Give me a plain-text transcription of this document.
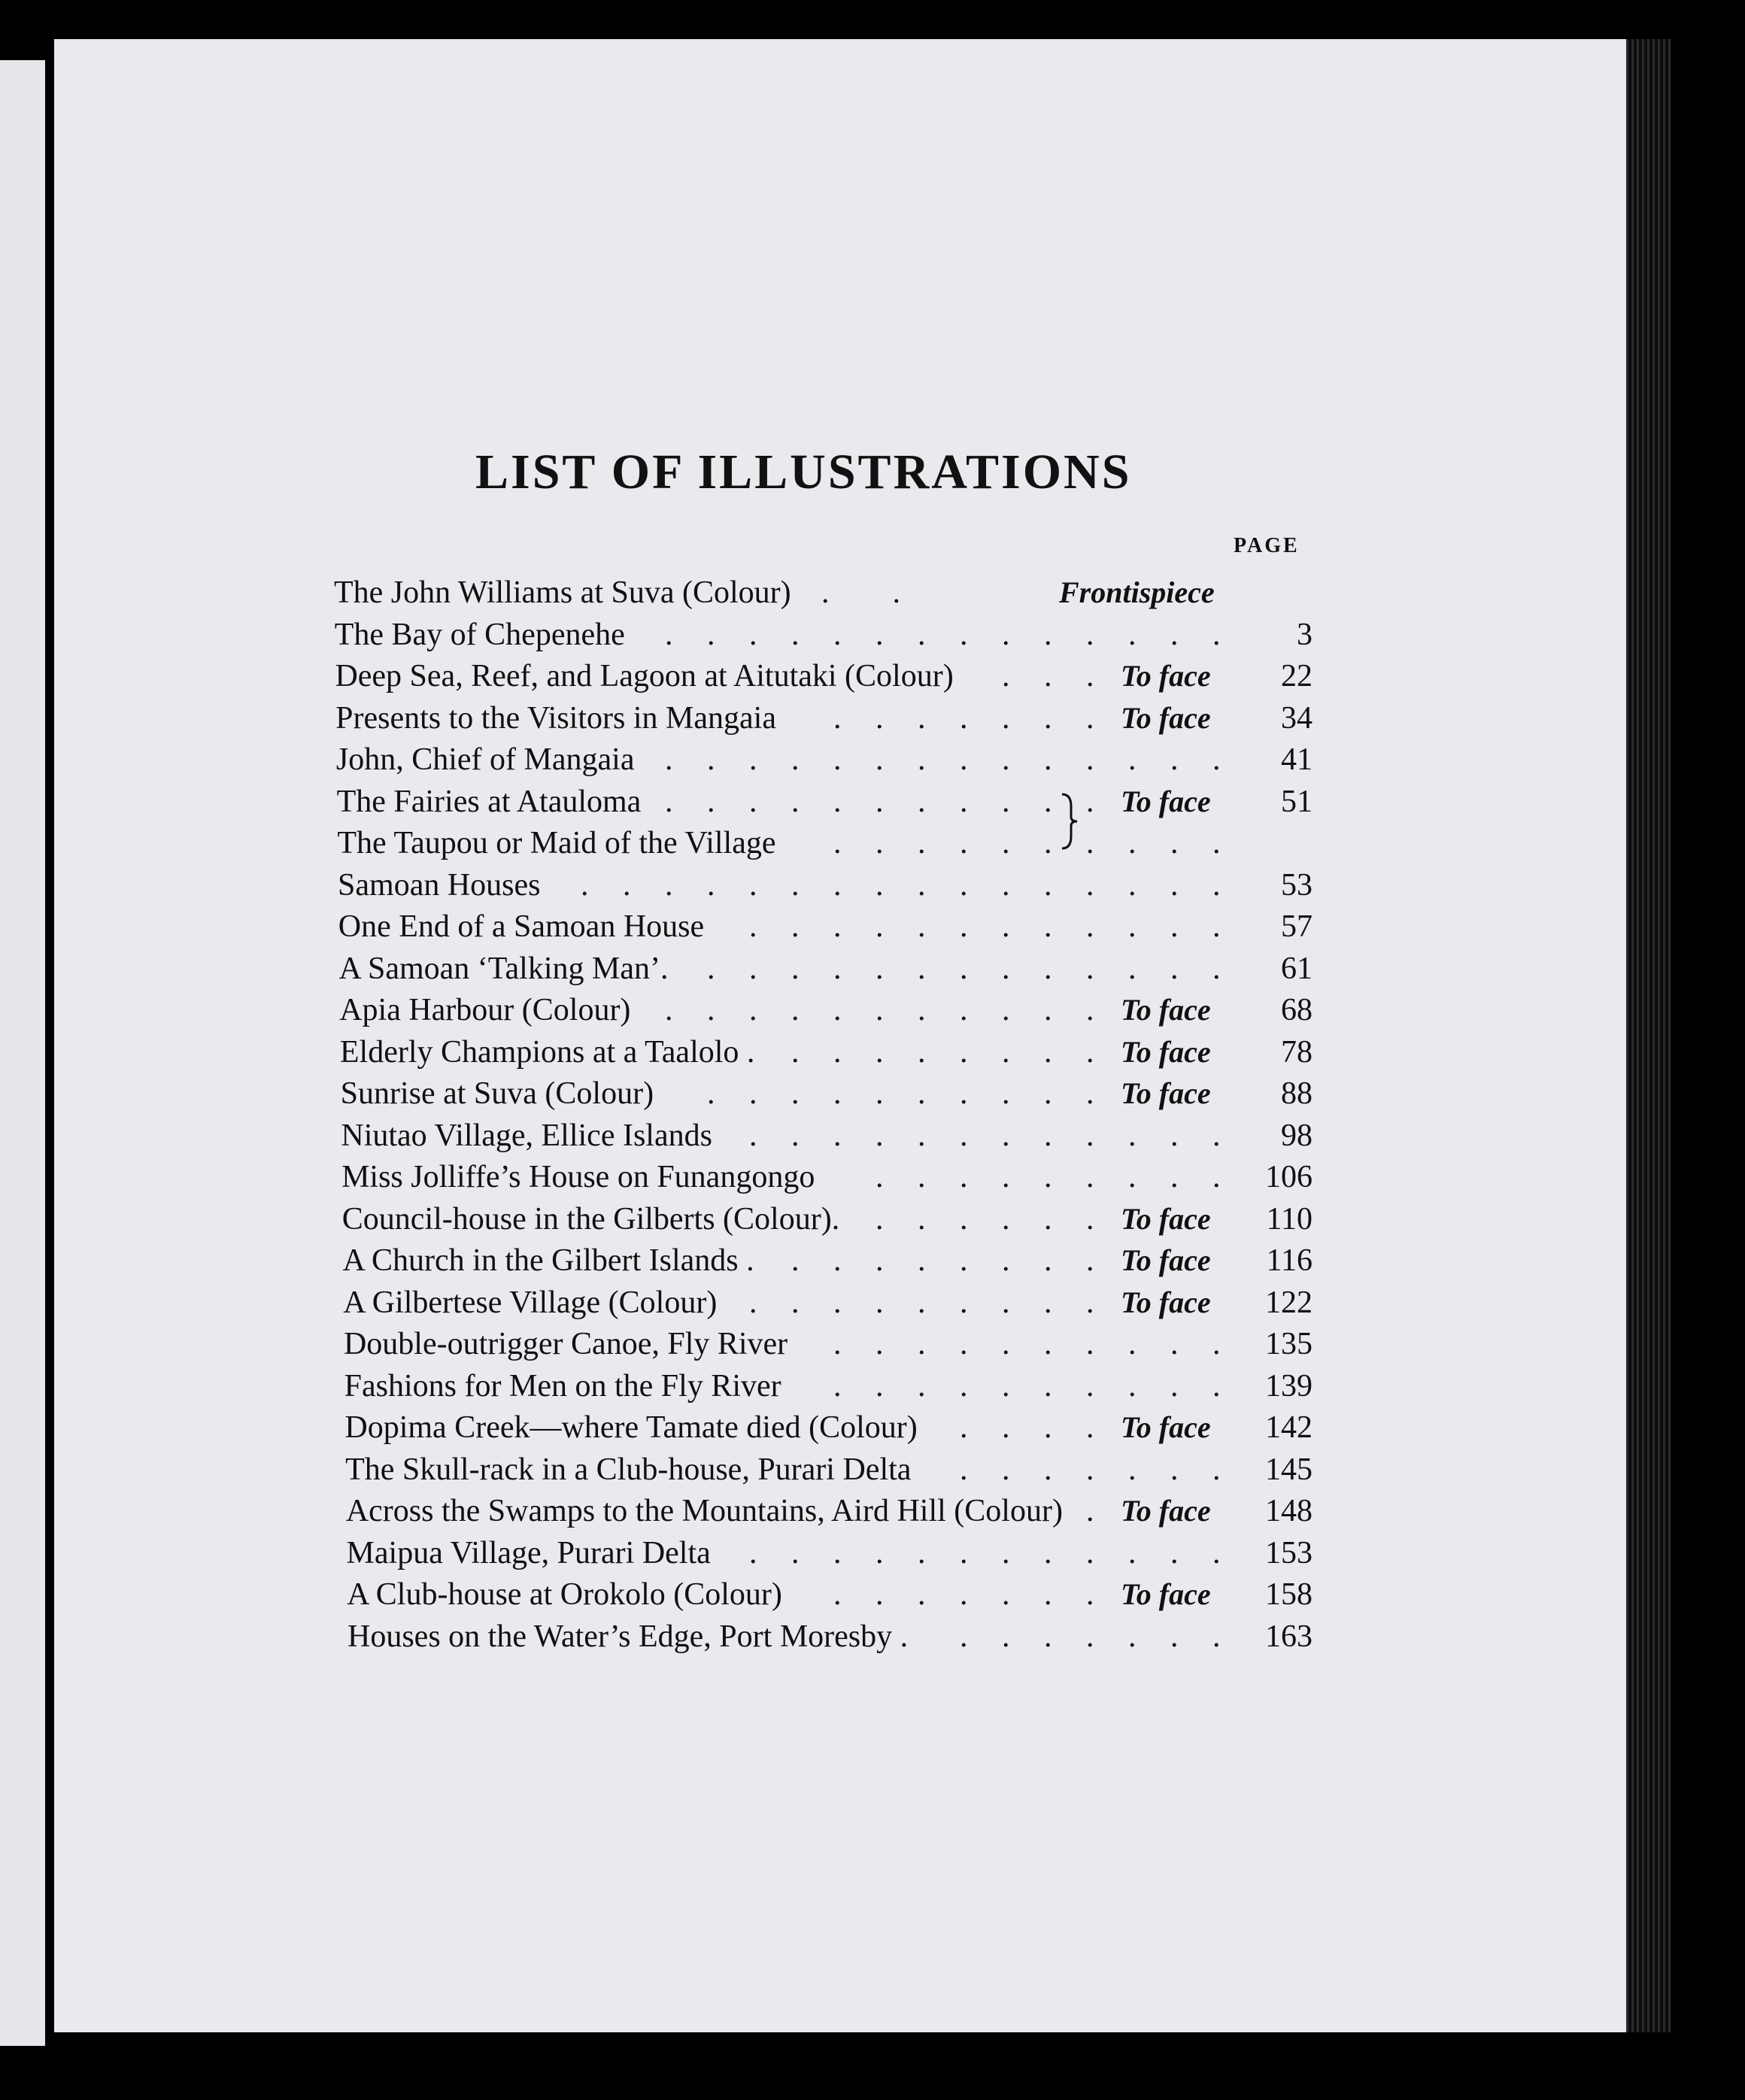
LIST OF ILLUSTRATIONS
PAGE
The John Williams at Suva (Colour)	Frontispiece
.        .
The Bay of Chepenehe	3
. . . . . . . . . . . . . .
Deep Sea, Reef, and Lagoon at Aitutaki (Colour)	To face	22
. . .
Presents to the Visitors in Mangaia	To face	34
. . . . . . .
John, Chief of Mangaia	41
. . . . . . . . . . . . . .
The Fairies at Atauloma	To face	51
. . . . . . . . . . .
The Taupou or Maid of the Village . . . . . . . . . .
Samoan Houses	53
. . . . . . . . . . . . . . . .
One End of a Samoan House	57
. . . . . . . . . . . .
A Samoan ‘Talking Man’.	61
. . . . . . . . . . . . .
Apia Harbour (Colour)	To face	68
. . . . . . . . . . .
Elderly Champions at a Taalolo .	To face	78
. . . . . . . .
Sunrise at Suva (Colour)	To face	88
. . . . . . . . . .
Niutao Village, Ellice Islands	98
. . . . . . . . . . . .
Miss Jolliffe’s House on Funangongo	106
. . . . . . . . .
Council-house in the Gilberts (Colour).	To face	110
. . . . . .
A Church in the Gilbert Islands .	To face	116
. . . . . . . .
A Gilbertese Village (Colour)	To face	122
. . . . . . . . .
Double-outrigger Canoe, Fly River	135
. . . . . . . . . .
Fashions for Men on the Fly River	139
. . . . . . . . . .
Dopima Creek—where Tamate died (Colour)	To face	142
. . . .
The Skull-rack in a Club-house, Purari Delta	145
. . . . . . .
Across the Swamps to the Mountains, Aird Hill (Colour) To face	148
.
Maipua Village, Purari Delta	153
. . . . . . . . . . . .
A Club-house at Orokolo (Colour)	To face	158
. . . . . . .
Houses on the Water’s Edge, Port Moresby .	163
. . . . . . .
